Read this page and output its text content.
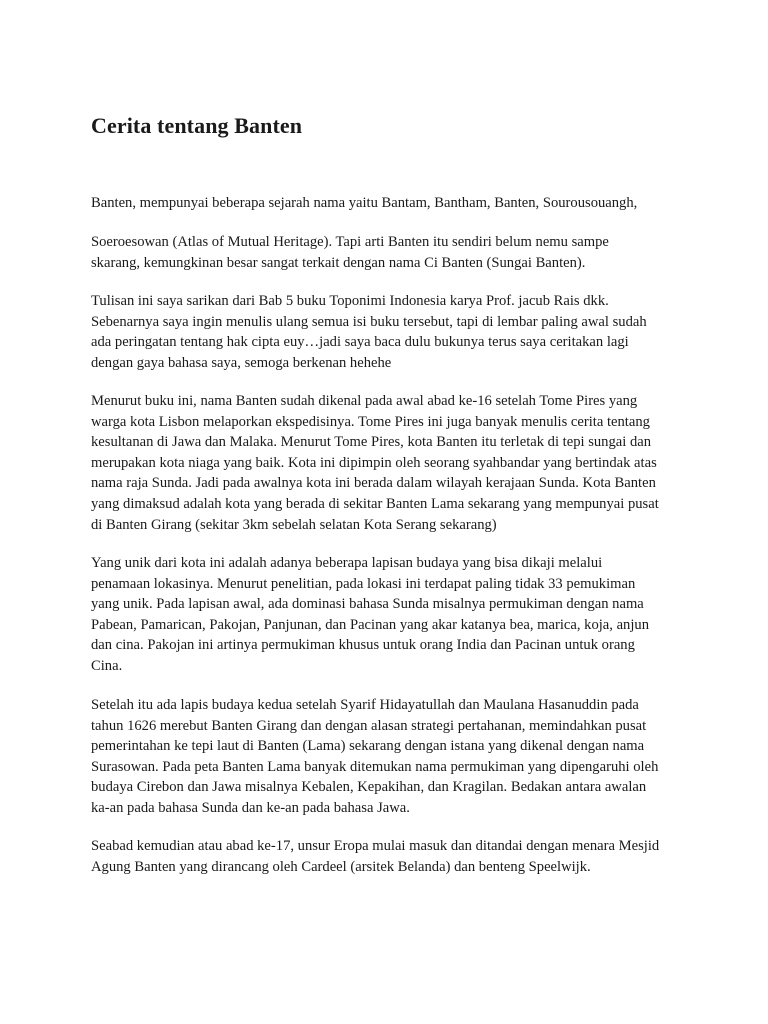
Cerita tentang Banten

Banten, mempunyai beberapa sejarah nama yaitu Bantam, Bantham, Banten, Sourousouangh,

Soeroesowan (Atlas of Mutual Heritage). Tapi arti Banten itu sendiri belum nemu sampe
skarang, kemungkinan besar sangat terkait dengan nama Ci Banten (Sungai Banten).

Tulisan ini saya sarikan dari Bab 5 buku Toponimi Indonesia karya Prof. jacub Rais dkk.
Sebenarnya saya ingin menulis ulang semua isi buku tersebut, tapi di lembar paling awal sudah
ada peringatan tentang hak cipta euy…jadi saya baca dulu bukunya terus saya ceritakan lagi
dengan gaya bahasa saya, semoga berkenan hehehe

Menurut buku ini, nama Banten sudah dikenal pada awal abad ke-16 setelah Tome Pires yang
warga kota Lisbon melaporkan ekspedisinya. Tome Pires ini juga banyak menulis cerita tentang
kesultanan di Jawa dan Malaka. Menurut Tome Pires, kota Banten itu terletak di tepi sungai dan
merupakan kota niaga yang baik. Kota ini dipimpin oleh seorang syahbandar yang bertindak atas
nama raja Sunda. Jadi pada awalnya kota ini berada dalam wilayah kerajaan Sunda. Kota Banten
yang dimaksud adalah kota yang berada di sekitar Banten Lama sekarang yang mempunyai pusat
di Banten Girang (sekitar 3km sebelah selatan Kota Serang sekarang)

Yang unik dari kota ini adalah adanya beberapa lapisan budaya yang bisa dikaji melalui
penamaan lokasinya. Menurut penelitian, pada lokasi ini terdapat paling tidak 33 pemukiman
yang unik. Pada lapisan awal, ada dominasi bahasa Sunda misalnya permukiman dengan nama
Pabean, Pamarican, Pakojan, Panjunan, dan Pacinan yang akar katanya bea, marica, koja, anjun
dan cina. Pakojan ini artinya permukiman khusus untuk orang India dan Pacinan untuk orang
Cina.

Setelah itu ada lapis budaya kedua setelah Syarif Hidayatullah dan Maulana Hasanuddin pada
tahun 1626 merebut Banten Girang dan dengan alasan strategi pertahanan, memindahkan pusat
pemerintahan ke tepi laut di Banten (Lama) sekarang dengan istana yang dikenal dengan nama
Surasowan. Pada peta Banten Lama banyak ditemukan nama permukiman yang dipengaruhi oleh
budaya Cirebon dan Jawa misalnya Kebalen, Kepakihan, dan Kragilan. Bedakan antara awalan
ka-an pada bahasa Sunda dan ke-an pada bahasa Jawa.

Seabad kemudian atau abad ke-17, unsur Eropa mulai masuk dan ditandai dengan menara Mesjid
Agung Banten yang dirancang oleh Cardeel (arsitek Belanda) dan benteng Speelwijk.
